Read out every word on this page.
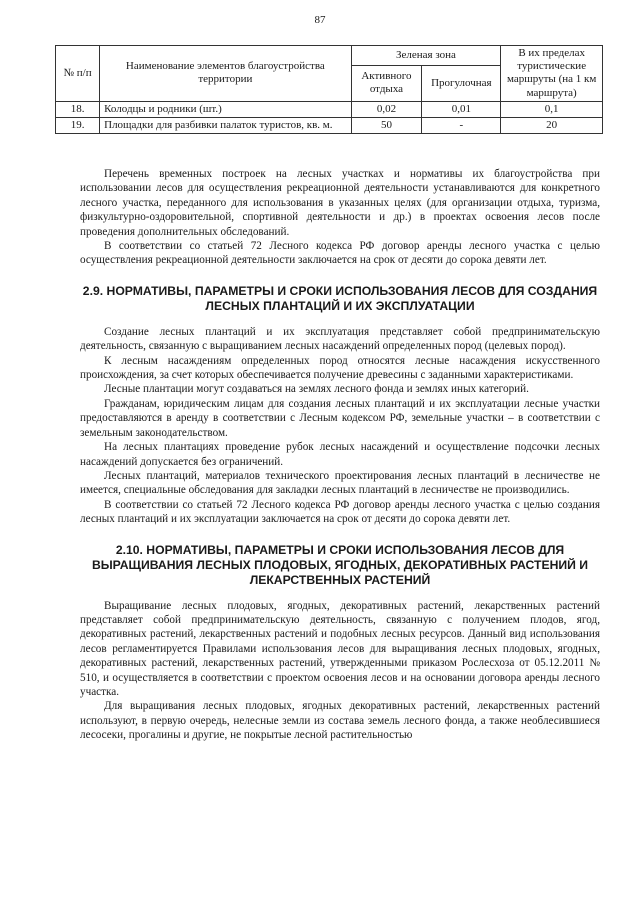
87
№ п/п	Наименование элементов благоустройства территории	Зеленая зона		В их пределах туристические маршруты (на 1 км маршрута)
		Активного отдыха	Прогулочная	
18.	Колодцы и родники (шт.)	0,02	0,01	0,1
19.	Площадки для разбивки палаток туристов, кв. м.	50	-	20

Перечень временных построек на лесных участках и нормативы их благоустройства при использовании лесов для осуществления рекреационной деятельности устанавливаются для конкретного лесного участка, переданного для использования в указанных целях (для организации отдыха, туризма, физкультурно-оздоровительной, спортивной деятельности и др.) в проектах освоения лесов после проведения дополнительных обследований.

В соответствии со статьей 72 Лесного кодекса РФ договор аренды лесного участка с целью осуществления рекреационной деятельности заключается на срок от десяти до сорока девяти лет.

2.9. НОРМАТИВЫ, ПАРАМЕТРЫ И СРОКИ ИСПОЛЬЗОВАНИЯ ЛЕСОВ ДЛЯ СОЗДАНИЯ ЛЕСНЫХ ПЛАНТАЦИЙ И ИХ ЭКСПЛУАТАЦИИ

Создание лесных плантаций и их эксплуатация представляет собой предпринимательскую деятельность, связанную с выращиванием лесных насаждений определенных пород (целевых пород).

К лесным насаждениям определенных пород относятся лесные насаждения искусственного происхождения, за счет которых обеспечивается получение древесины с заданными характеристиками.

Лесные плантации могут создаваться на землях лесного фонда и землях иных категорий.

Гражданам, юридическим лицам для создания лесных плантаций и их эксплуатации лесные участки предоставляются в аренду в соответствии с Лесным кодексом РФ, земельные участки – в соответствии с земельным законодательством.

На лесных плантациях проведение рубок лесных насаждений и осуществление подсочки лесных насаждений допускается без ограничений.

Лесных плантаций, материалов технического проектирования лесных плантаций в лесничестве не имеется, специальные обследования для закладки лесных плантаций в лесничестве не производились.

В соответствии со статьей 72 Лесного кодекса РФ договор аренды лесного участка с целью создания лесных плантаций и их эксплуатации заключается на срок от десяти до сорока девяти лет.

2.10. НОРМАТИВЫ, ПАРАМЕТРЫ И СРОКИ ИСПОЛЬЗОВАНИЯ ЛЕСОВ ДЛЯ ВЫРАЩИВАНИЯ ЛЕСНЫХ ПЛОДОВЫХ, ЯГОДНЫХ, ДЕКОРАТИВНЫХ РАСТЕНИЙ И ЛЕКАРСТВЕННЫХ РАСТЕНИЙ

Выращивание лесных плодовых, ягодных, декоративных растений, лекарственных растений представляет собой предпринимательскую деятельность, связанную с получением плодов, ягод, декоративных растений, лекарственных растений и подобных лесных ресурсов. Данный вид использования лесов регламентируется Правилами использования лесов для выращивания лесных плодовых, ягодных, декоративных растений, лекарственных растений, утвержденными приказом Рослесхоза от 05.12.2011 № 510, и осуществляется в соответствии с проектом освоения лесов и на основании договора аренды лесного участка.

Для выращивания лесных плодовых, ягодных декоративных растений, лекарственных растений используют, в первую очередь, нелесные земли из состава земель лесного фонда, а также необлесившиеся лесосеки, прогалины и другие, не покрытые лесной растительностью
